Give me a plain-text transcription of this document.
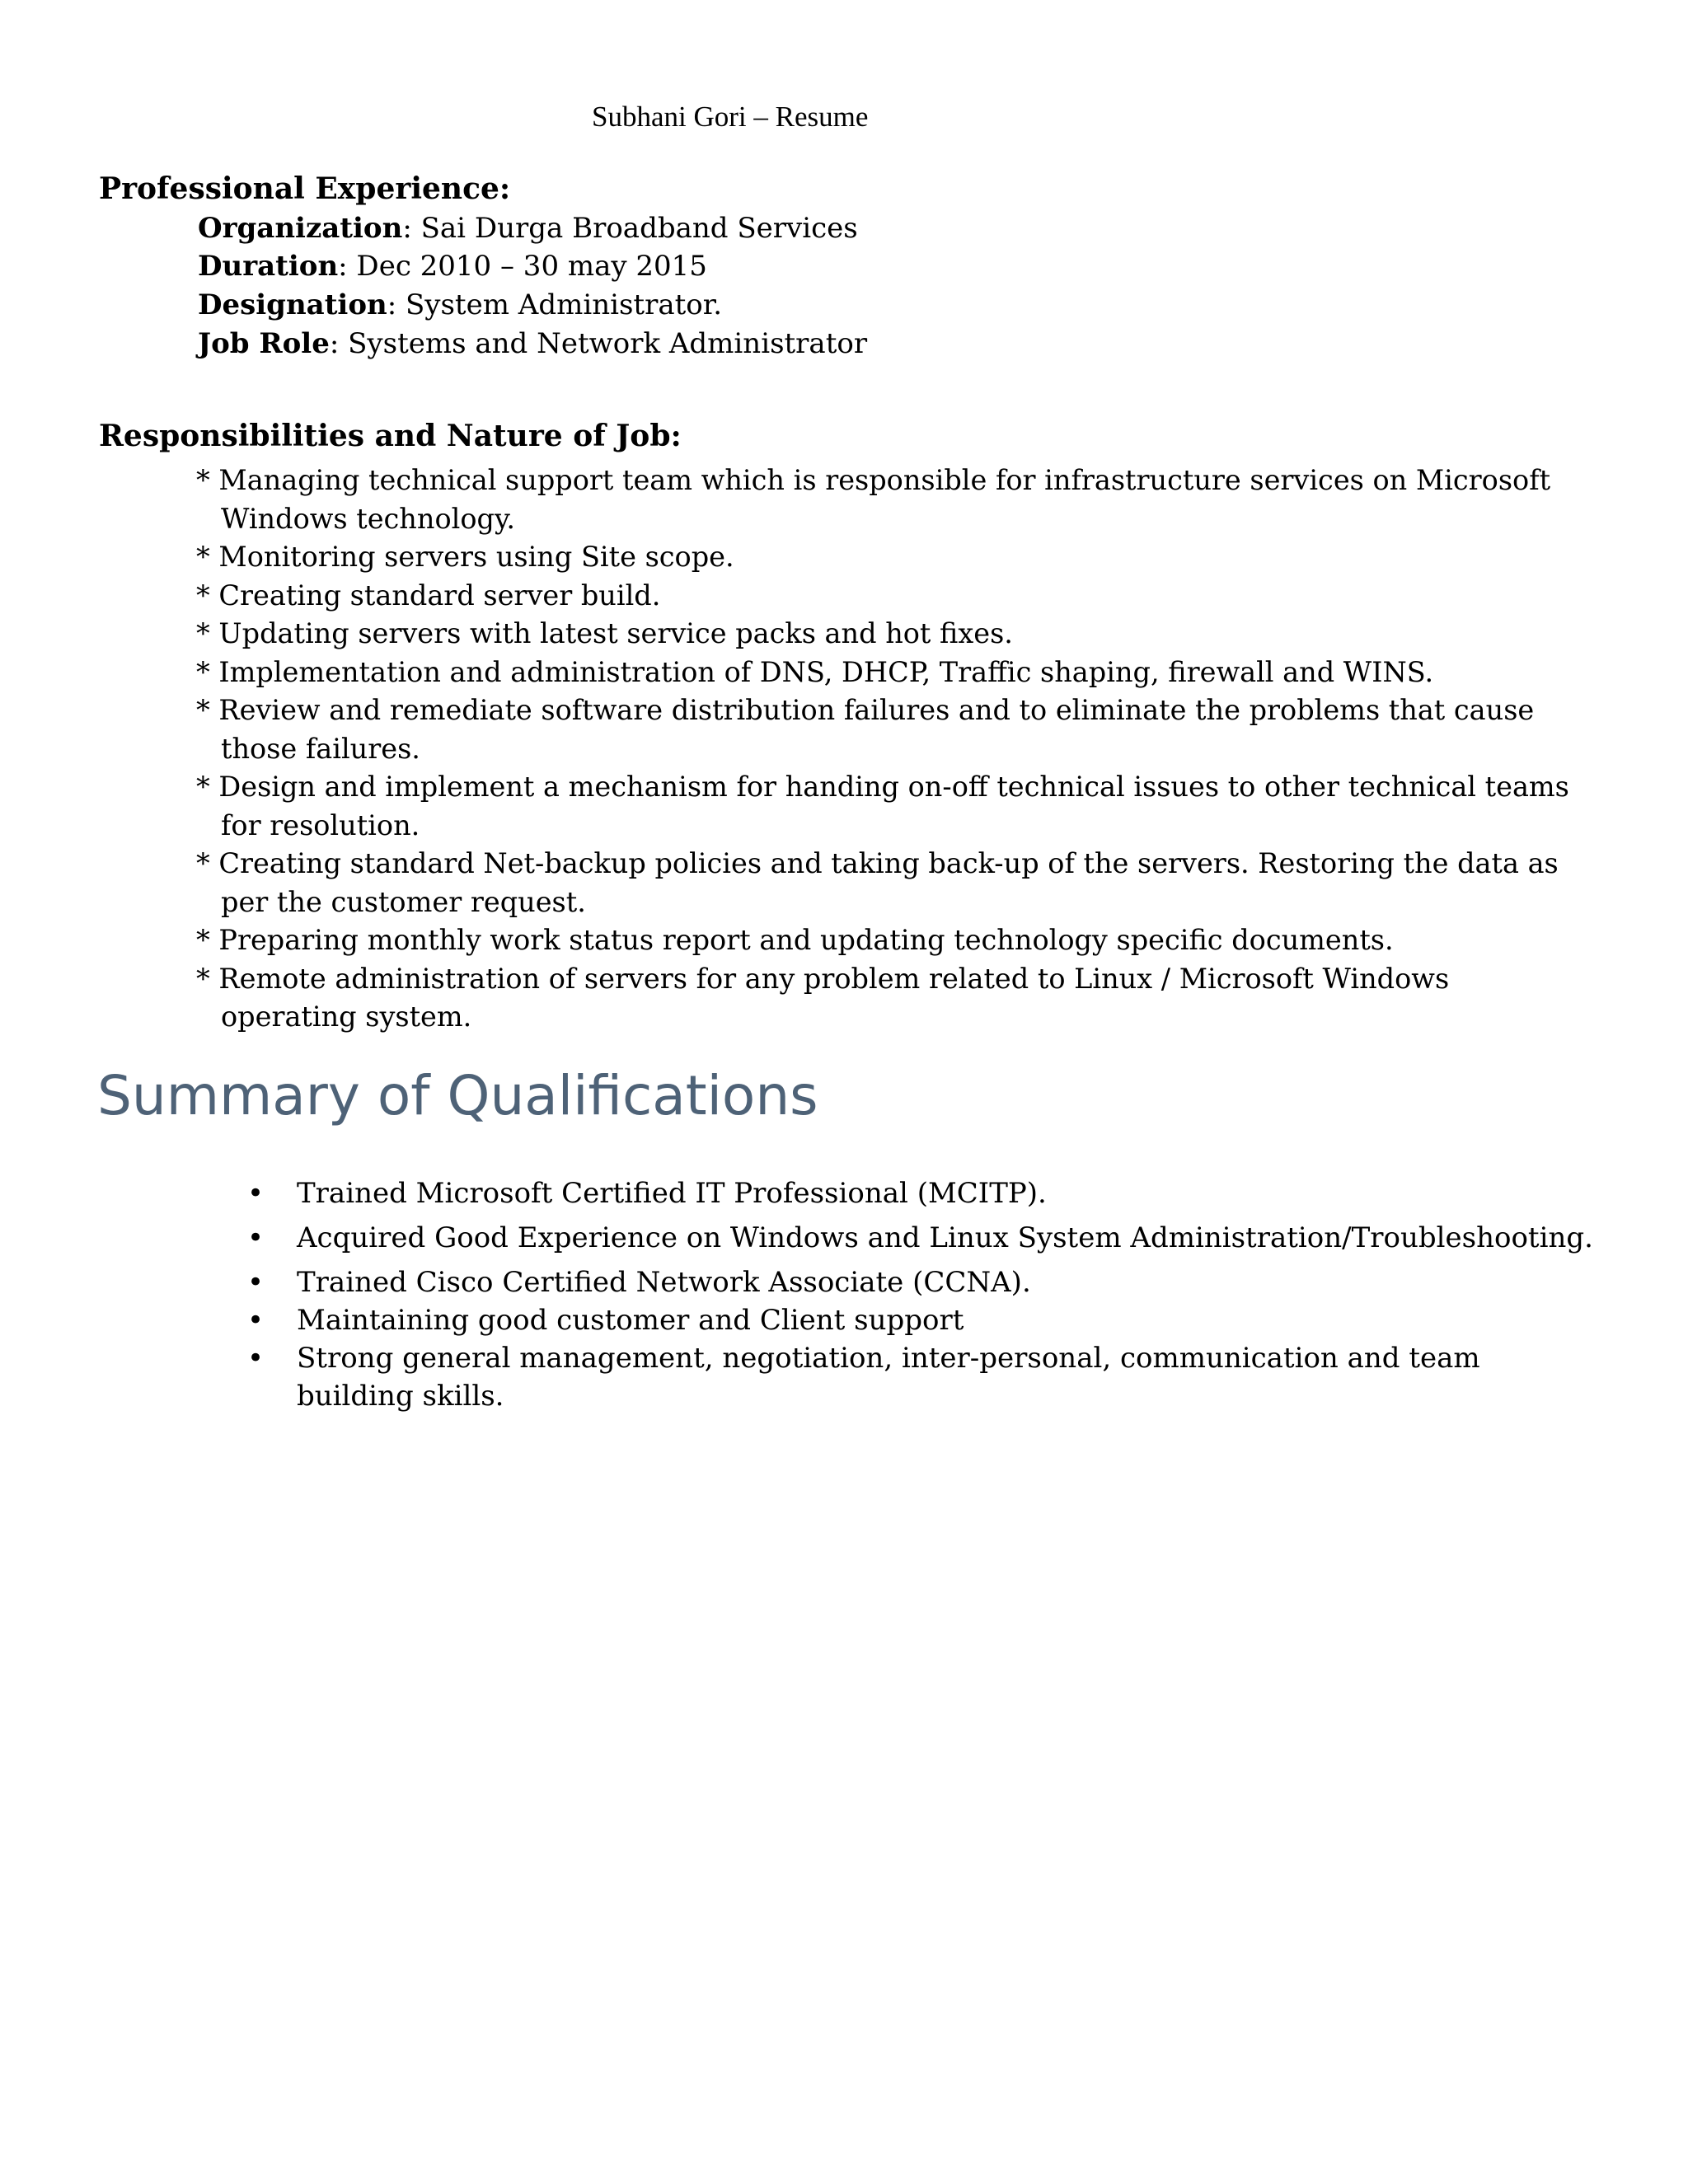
Subhani Gori – Resume
Professional Experience:
Organization: Sai Durga Broadband Services
Duration: Dec 2010 – 30 may 2015
Designation: System Administrator.
Job Role: Systems and Network Administrator
Responsibilities and Nature of Job:
* Managing technical support team which is responsible for infrastructure services on Microsoft
Windows technology.
* Monitoring servers using Site scope.
* Creating standard server build.
* Updating servers with latest service packs and hot fixes.
* Implementation and administration of DNS, DHCP, Traffic shaping, firewall and WINS.
* Review and remediate software distribution failures and to eliminate the problems that cause
those failures.
* Design and implement a mechanism for handing on-off technical issues to other technical teams
for resolution.
* Creating standard Net-backup policies and taking back-up of the servers. Restoring the data as
per the customer request.
* Preparing monthly work status report and updating technology specific documents.
* Remote administration of servers for any problem related to Linux / Microsoft Windows
operating system.
Summary of Qualifications
• Trained Microsoft Certified IT Professional (MCITP).
• Acquired Good Experience on Windows and Linux System Administration/Troubleshooting.
• Trained Cisco Certified Network Associate (CCNA).
• Maintaining good customer and Client support
• Strong general management, negotiation, inter-personal, communication and team building skills.
